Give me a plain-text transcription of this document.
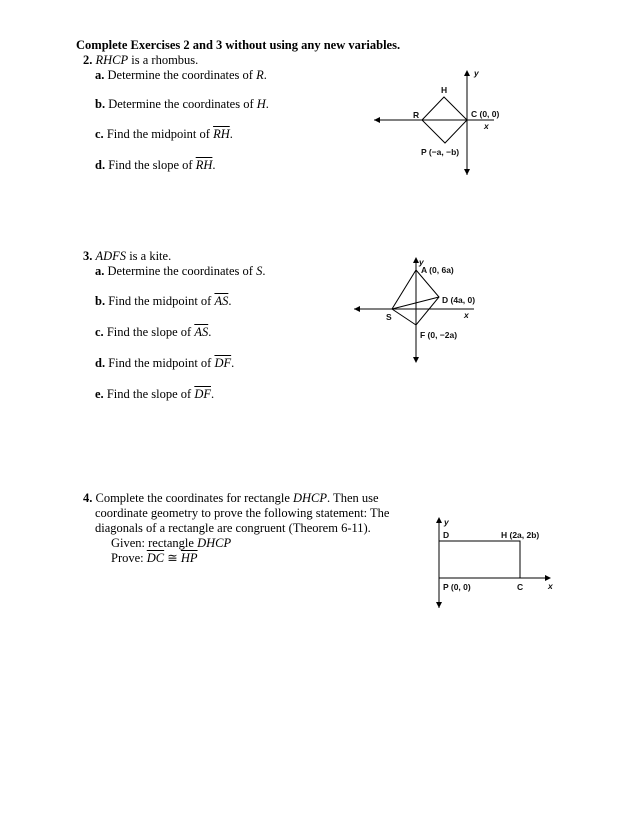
Complete Exercises 2 and 3 without using any new variables.
2. RHCP is a rhombus.
a. Determine the coordinates of R.
b. Determine the coordinates of H.
c. Find the midpoint of $\overline{RH}$.
d. Find the slope of $\overline{RH}$.
y
x
H
R	C (0, 0)
P (−a, −b)
3. ADFS is a kite.
a. Determine the coordinates of S.
b. Find the midpoint of $\overline{AS}$.
c. Find the slope of $\overline{AS}$.
d. Find the midpoint of $\overline{DF}$.
e. Find the slope of $\overline{DF}$.
y
x
A (0, 6a)
D (4a, 0)
S
F (0, −2a)
4. Complete the coordinates for rectangle DHCP. Then use
coordinate geometry to prove the following statement: The
diagonals of a rectangle are congruent (Theorem 6-11).
Given: rectangle DHCP
Prove: $\overline{DC}$ ≅ $\overline{HP}$
y
x
D	H (2a, 2b)
P (0, 0)	C
